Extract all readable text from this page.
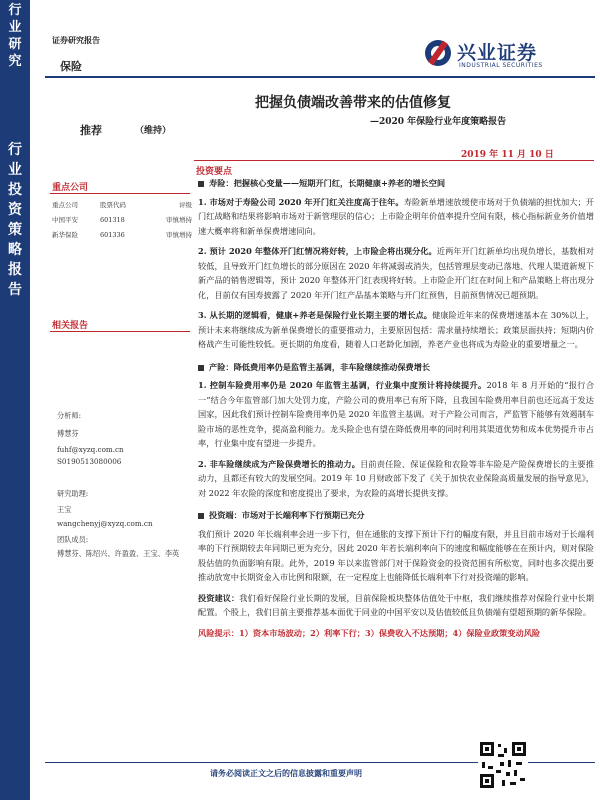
行
业
研
究
行
业
投
资
策
略
报
告
证券研究报告
保险
兴业证券
INDUSTRIAL SECURITIES
把握负债端改善带来的估值修复
—2020 年保险行业年度策略报告
推荐	（维持）
2019 年 11 月 10 日
重点公司
重点公司	股票代码	评级
中国平安	601318	审慎增持
新华保险	601336	审慎增持
相关报告
分析师:
傅慧芬
fuhf@xyzq.com.cn
S0190513080006
研究助理:
王宝
wangchenyj@xyzq.com.cn
团队成员:
傅慧芬、陈绍兴、许盈盈、王宝、李英
投资要点

寿险：把握核心变量——短期开门红，长期健康+养老的增长空间

1. 市场对于寿险公司 2020 年开门红关注度高于往年。寿险新单增速放缓使市场对于负债端的担忧加大；开门红战略和结果将影响市场对于新管理层的信心；上市险企明年价值率提升空间有限，核心指标新业务价值增速大概率将和新单保费增速同向。

2. 预计 2020 年整体开门红情况将好转，上市险企将出现分化。近两年开门红新单均出现负增长，基数相对较低，且导致开门红负增长的部分原因在 2020 年将减弱或消失，包括管理层变动已落地、代理人渠道新规下新产品的销售逻辑等，预计 2020 年整体开门红表现将好转。上市险企开门红在时间上和产品策略上将出现分化，目前仅有国寿披露了 2020 年开门红产品基本策略与开门红预售，目前预售情况已超预期。

3. 从长期的逻辑看，健康+养老是保险行业长期主要的增长点。健康险近年来的保费增速基本在 30%以上，预计未来将继续成为新单保费增长的重要推动力，主要原因包括：需求量持续增长；政策层面扶持；短期内价格战产生可能性较低。更长期的角度看，随着人口老龄化加剧，养老产业也将成为寿险业的重要增量之一。

产险：降低费用率仍是监管主基调，非车险继续推动保费增长

1. 控制车险费用率仍是 2020 年监管主基调，行业集中度预计将持续提升。2018 年 8 月开始的“报行合一”结合今年监管部门加大处罚力度，产险公司的费用率已有所下降，且我国车险费用率目前也还远高于发达国家，因此我们预计控制车险费用率仍是 2020 年监管主基调。对于产险公司而言，严监管下能够有效遏制车险市场的恶性竞争，提高盈利能力。龙头险企也有望在降低费用率的同时利用其渠道优势和成本优势提升市占率，行业集中度有望进一步提升。

2. 非车险继续成为产险保费增长的推动力。目前责任险、保证保险和农险等非车险是产险保费增长的主要推动力，且都还有较大的发展空间。2019 年 10 月财政部下发了《关于加快农业保险高质量发展的指导意见》，对 2022 年农险的深度和密度提出了要求，为农险的高增长提供支撑。

投资端：市场对于长端利率下行预期已充分

我们预计 2020 年长端利率会进一步下行，但在通胀的支撑下预计下行的幅度有限，并且目前市场对于长端利率的下行预期较去年同期已更为充分，因此 2020 年若长端利率向下的速度和幅度能够在在预计内，则对保险股估值的负面影响有限。此外，2019 年以来监管部门对于保险资金的投资范围有所松宽，同时也多次提出要推动放宽中长期资金入市比例和限额，在一定程度上也能降低长端利率下行对投资端的影响。

投资建议：我们看好保险行业长期的发展，目前保险板块整体估值处于中枢，我们继续推荐对保险行业中长期配置。个股上，我们目前主要推荐基本面优于同业的中国平安以及估值较低且负债端有望超预期的新华保险。

风险提示：1）资本市场波动；2）利率下行；3）保费收入不达预期；4）保险业政策变动风险

请务必阅读正文之后的信息披露和重要声明
